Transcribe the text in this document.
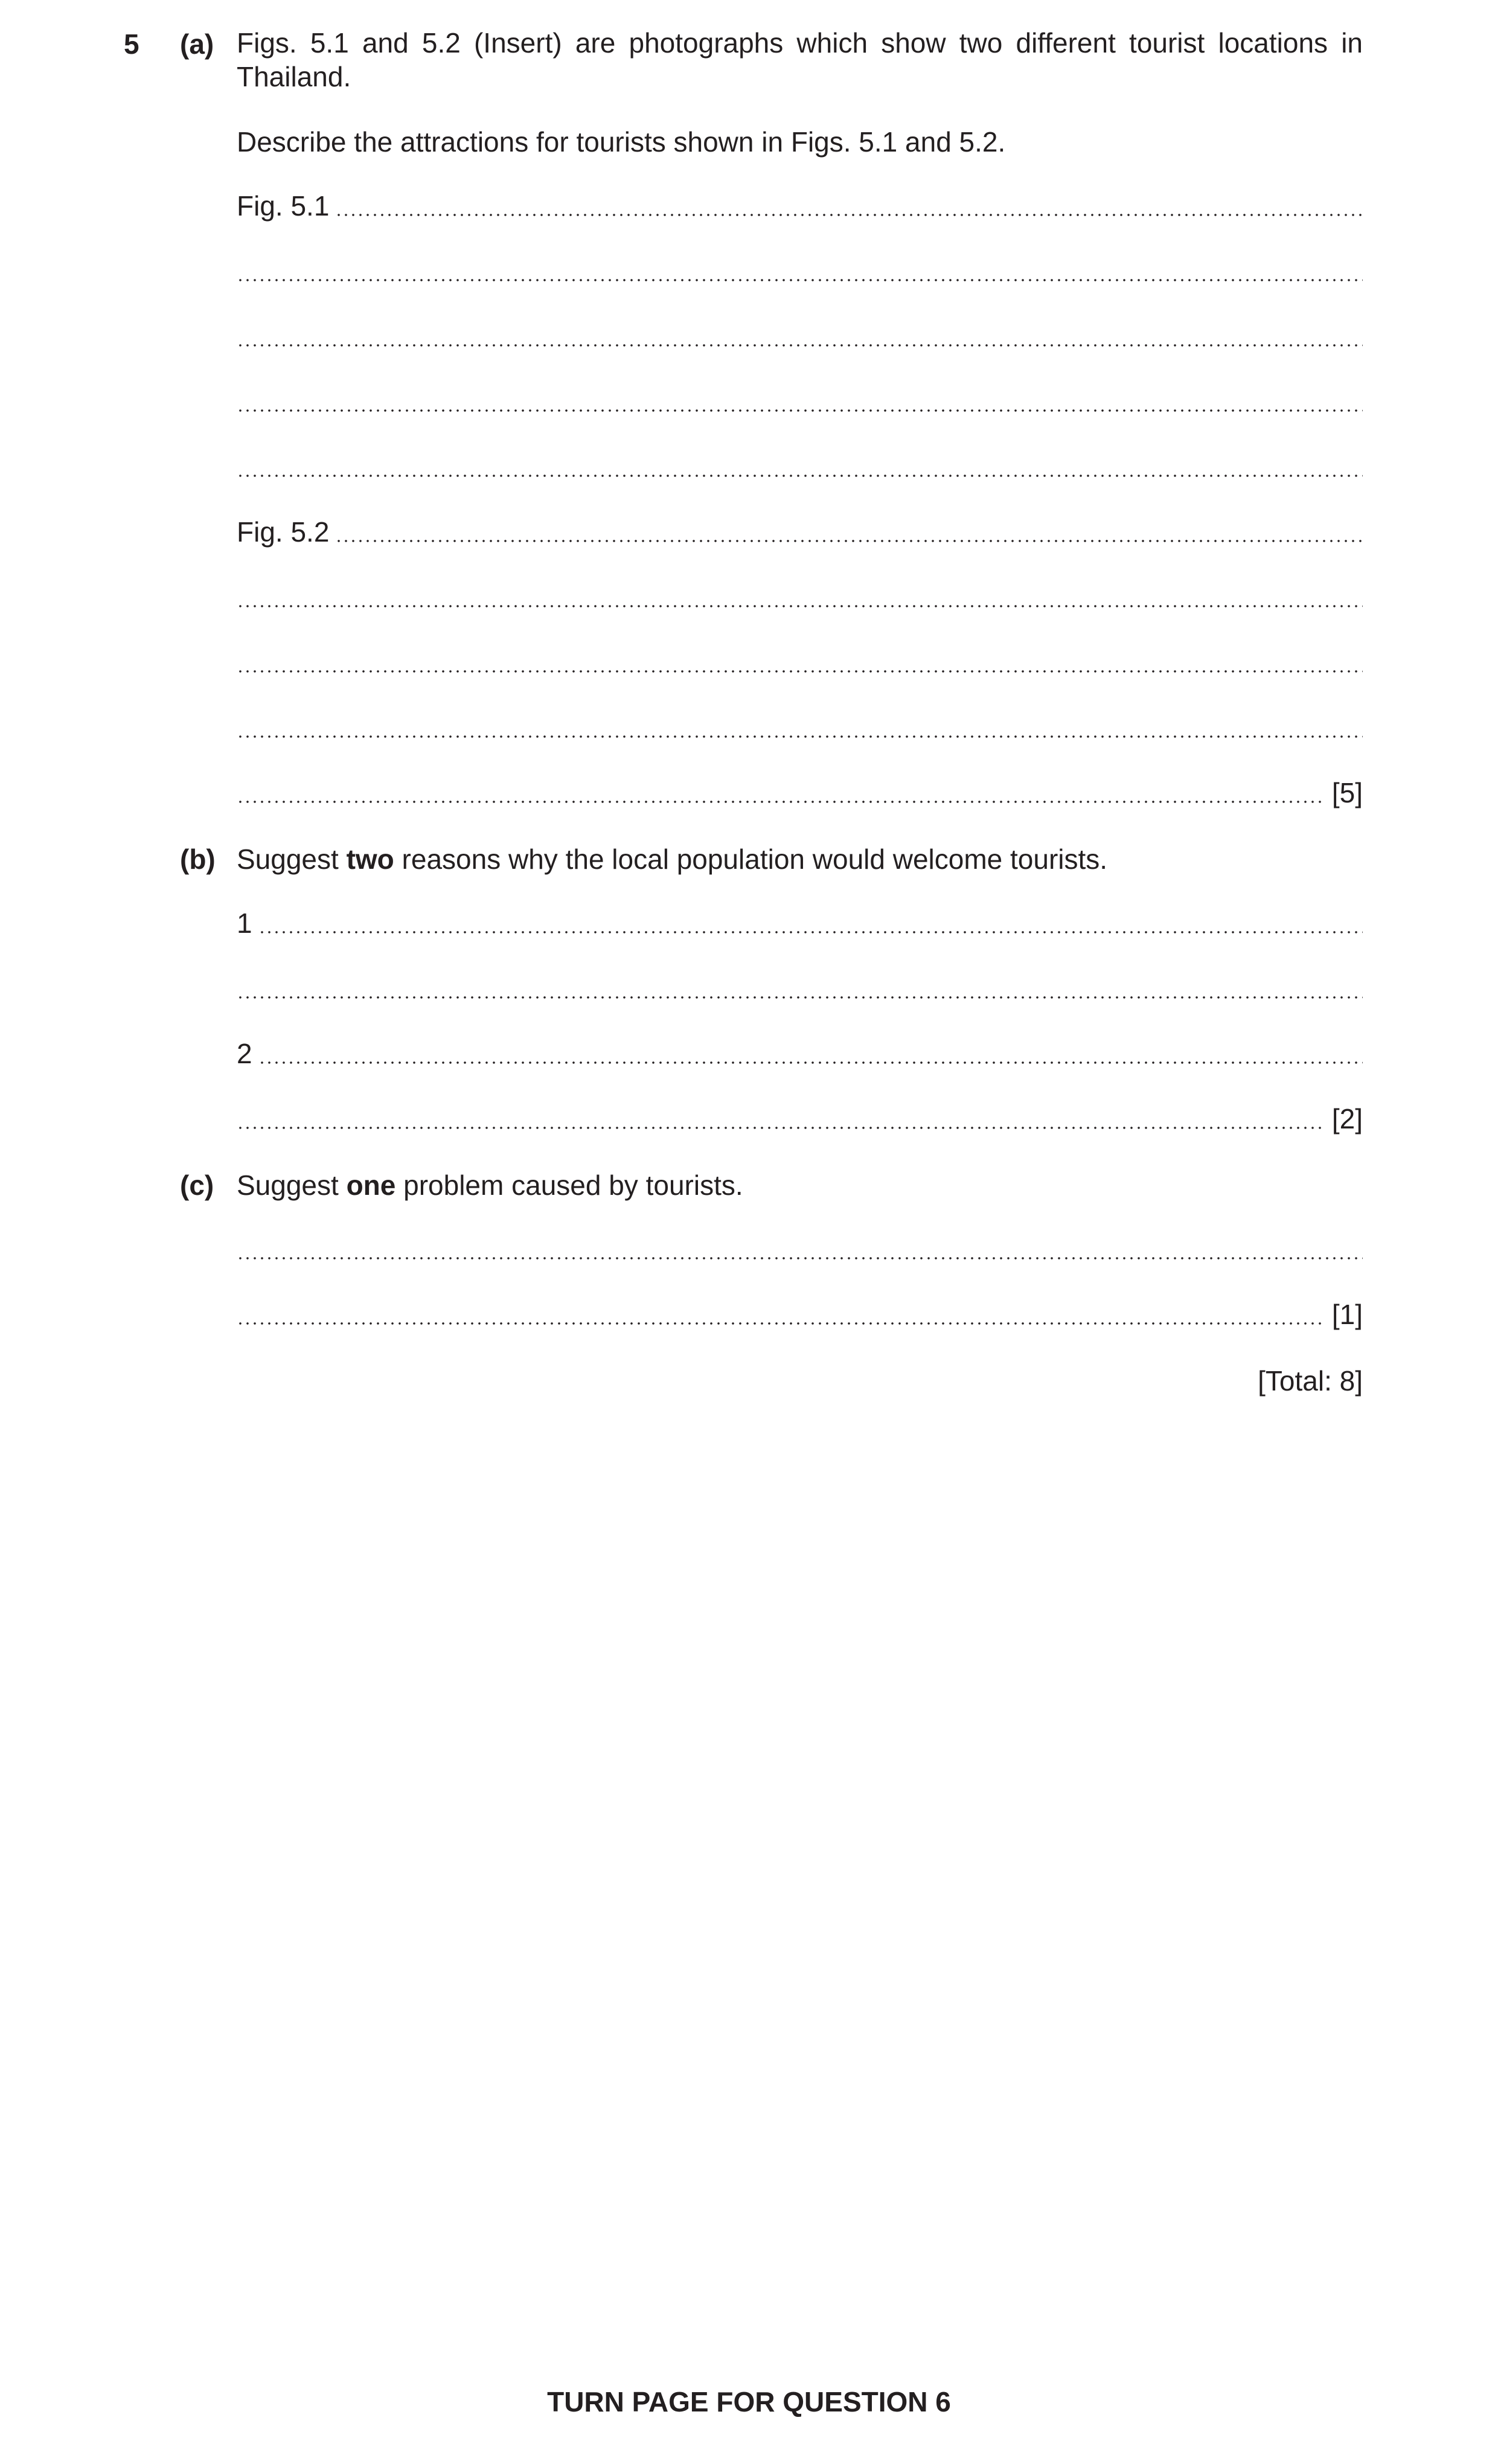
5 (a) Figs. 5.1 and 5.2 (Insert) are photographs which show two different tourist locations in
Thailand.
Describe the attractions for tourists shown in Figs. 5.1 and 5.2.
Fig. 5.1
Fig. 5.2
[5]
(b) Suggest two reasons why the local population would welcome tourists.
1
2
[2]
(c) Suggest one problem caused by tourists.
[1]
[Total: 8]
TURN PAGE FOR QUESTION 6
